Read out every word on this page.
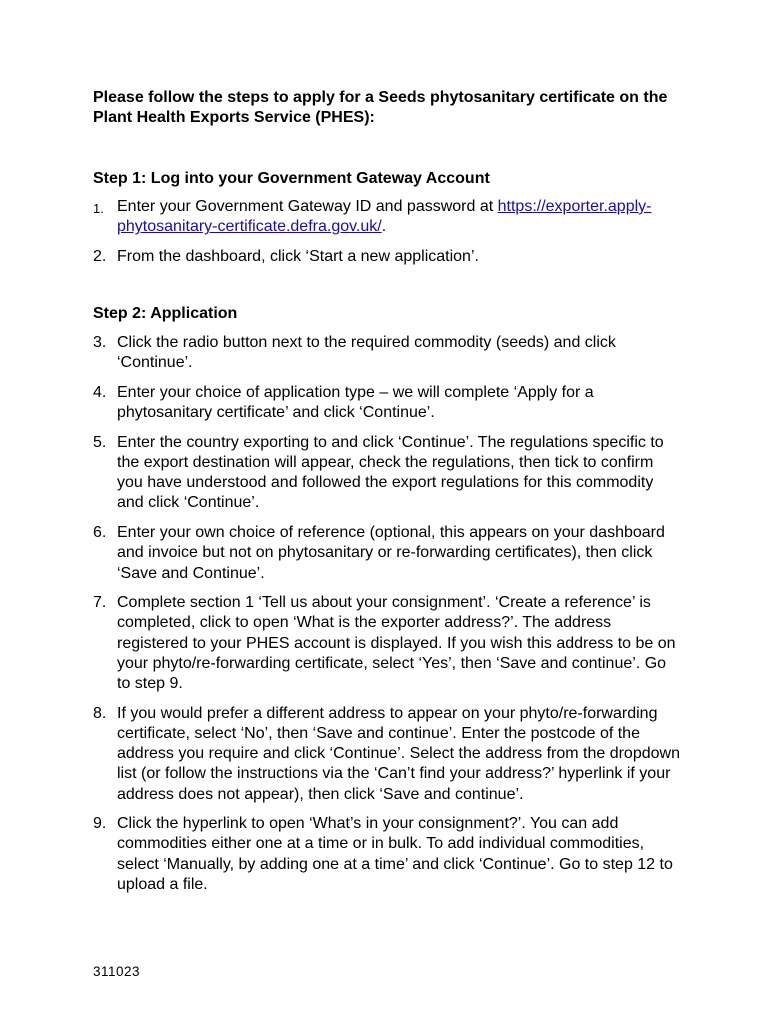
Please follow the steps to apply for a Seeds phytosanitary certificate on the Plant Health Exports Service (PHES):

Step 1: Log into your Government Gateway Account
1. Enter your Government Gateway ID and password at https://exporter.apply-phytosanitary-certificate.defra.gov.uk/.
2. From the dashboard, click ‘Start a new application’.
Step 2: Application
3. Click the radio button next to the required commodity (seeds) and click ‘Continue’.
4. Enter your choice of application type – we will complete ‘Apply for a phytosanitary certificate’ and click ‘Continue’.
5. Enter the country exporting to and click ‘Continue’. The regulations specific to the export destination will appear, check the regulations, then tick to confirm you have understood and followed the export regulations for this commodity and click ‘Continue’.
6. Enter your own choice of reference (optional, this appears on your dashboard and invoice but not on phytosanitary or re-forwarding certificates), then click ‘Save and Continue’.
7. Complete section 1 ‘Tell us about your consignment’. ‘Create a reference’ is completed, click to open ‘What is the exporter address?’. The address registered to your PHES account is displayed. If you wish this address to be on your phyto/re-forwarding certificate, select ‘Yes’, then ‘Save and continue’. Go to step 9.
8. If you would prefer a different address to appear on your phyto/re-forwarding certificate, select ‘No’, then ‘Save and continue’. Enter the postcode of the address you require and click ‘Continue’. Select the address from the dropdown list (or follow the instructions via the ‘Can’t find your address?’ hyperlink if your address does not appear), then click ‘Save and continue’.
9. Click the hyperlink to open ‘What’s in your consignment?’. You can add commodities either one at a time or in bulk. To add individual commodities, select ‘Manually, by adding one at a time’ and click ‘Continue’. Go to step 12 to upload a file.
311023
